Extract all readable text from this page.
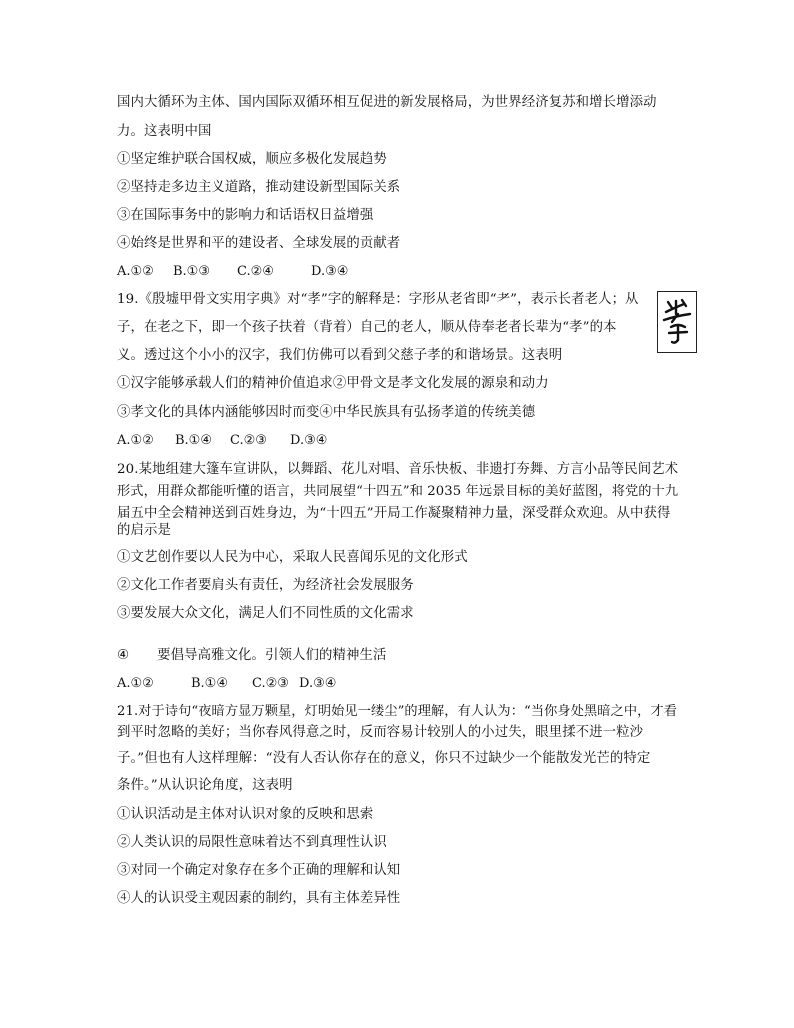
国内大循环为主体、国内国际双循环相互促进的新发展格局，为世界经济复苏和增长增添动
力。这表明中国
①坚定维护联合国权威，顺应多极化发展趋势
②坚持走多边主义道路，推动建设新型国际关系
③在国际事务中的影响力和话语权日益增强
④始终是世界和平的建设者、全球发展的贡献者
A.①② B.①③ C.②④	D.③④
19.《殷墟甲骨文实用字典》对“孝”字的解释是：字形从老省即“耂”，表示长者老人；从
子，在老之下，即一个孩子扶着（背着）自己的老人，顺从侍奉老者长辈为“孝”的本
义。透过这个小小的汉字，我们仿佛可以看到父慈子孝的和谐场景。这表明
①汉字能够承载人们的精神价值追求②甲骨文是孝文化发展的源泉和动力
③孝文化的具体内涵能够因时而变④中华民族具有弘扬孝道的传统美德
A.①② B.①④ C.②③ D.③④
20.某地组建大篷车宣讲队，以舞蹈、花儿对唱、音乐快板、非遗打夯舞、方言小品等民间艺术
形式，用群众都能听懂的语言，共同展望“十四五”和 2035 年远景目标的美好蓝图，将党的十九
届五中全会精神送到百姓身边，为“十四五”开局工作凝聚精神力量，深受群众欢迎。从中获得
的启示是
①文艺创作要以人民为中心，采取人民喜闻乐见的文化形式
②文化工作者要肩头有责任，为经济社会发展服务
③要发展大众文化，满足人们不同性质的文化需求
④ 要倡导高雅文化。引领人们的精神生活
A.①②	B.①④ C.②③ D.③④
21.对于诗句“夜暗方显万颗星，灯明始见一缕尘”的理解，有人认为：“当你身处黑暗之中，才看
到平时忽略的美好；当你春风得意之时，反而容易计较别人的小过失，眼里揉不进一粒沙
子。”但也有人这样理解：“没有人否认你存在的意义，你只不过缺少一个能散发光芒的特定
条件。”从认识论角度，这表明
①认识活动是主体对认识对象的反映和思索
②人类认识的局限性意味着达不到真理性认识
③对同一个确定对象存在多个正确的理解和认知
④人的认识受主观因素的制约，具有主体差异性
